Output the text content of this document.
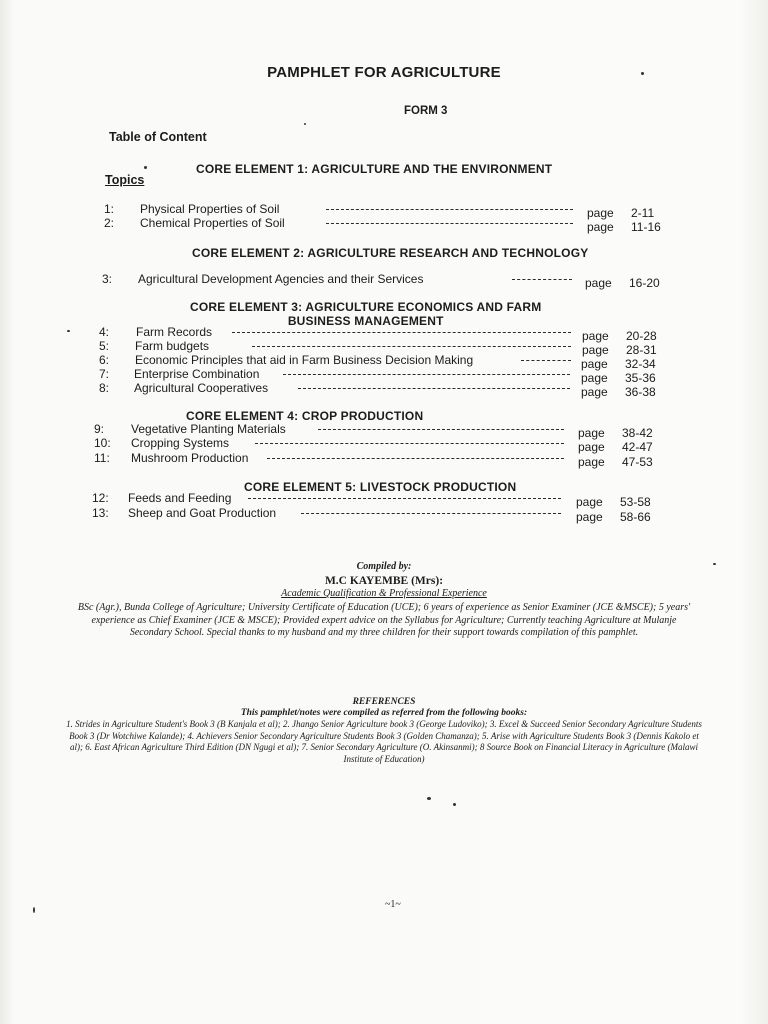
PAMPHLET FOR AGRICULTURE
FORM 3
Table of Content
Topics
CORE ELEMENT 1: AGRICULTURE AND THE ENVIRONMENT
CORE ELEMENT 2: AGRICULTURE RESEARCH AND TECHNOLOGY
CORE ELEMENT 3: AGRICULTURE ECONOMICS AND FARM
BUSINESS MANAGEMENT
CORE ELEMENT 4: CROP PRODUCTION
CORE ELEMENT 5: LIVESTOCK PRODUCTION
1: Physical Properties of Soil	page 2-11
2: Chemical Properties of Soil	page 11-16
3: Agricultural Development Agencies and their Services	page 16-20
4: Farm Records	page 20-28
5: Farm budgets	page 28-31
6: Economic Principles that aid in Farm Business Decision Making	page 32-34
7: Enterprise Combination	page 35-36
8: Agricultural Cooperatives	page 36-38
9: Vegetative Planting Materials	page 38-42
10: Cropping Systems	page 42-47
11: Mushroom Production	page 47-53
12: Feeds and Feeding	page 53-58
13: Sheep and Goat Production	page 58-66
Compiled by:
M.C KAYEMBE (Mrs):
Academic Qualification & Professional Experience
BSc (Agr.), Bunda College of Agriculture; University Certificate of Education (UCE); 6 years of experience as Senior Examiner (JCE &MSCE); 5 years' experience as Chief Examiner (JCE & MSCE); Provided expert advice on the Syllabus for Agriculture; Currently teaching Agriculture at Mulanje Secondary School. Special thanks to my husband and my three children for their support towards compilation of this pamphlet.
REFERENCES
This pamphlet/notes were compiled as referred from the following books:
1. Strides in Agriculture Student's Book 3 (B Kanjala et al); 2. Jhango Senior Agriculture book 3 (George Ludoviko); 3. Excel & Succeed Senior Secondary Agriculture Students Book 3 (Dr Wotchiwe Kalande); 4. Achievers Senior Secondary Agriculture Students Book 3 (Golden Chamanza); 5. Arise with Agriculture Students Book 3 (Dennis Kakolo et al); 6. East African Agriculture Third Edition (DN Ngugi et al); 7. Senior Secondary Agriculture (O. Akinsanmi); 8 Source Book on Financial Literacy in Agriculture (Malawi Institute of Education)
~1~
